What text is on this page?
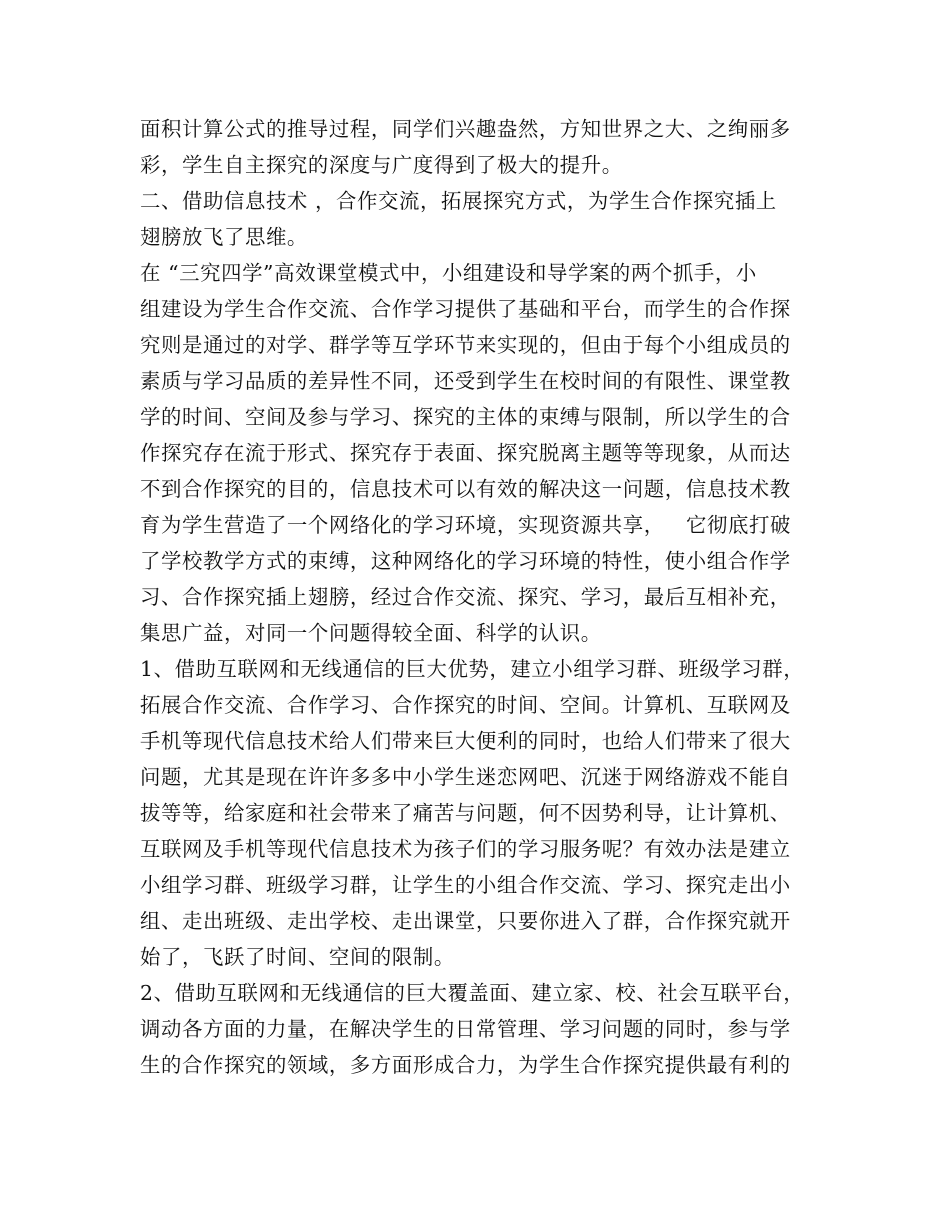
面积计算公式的推导过程，同学们兴趣盎然，方知世界之大、之绚丽多
彩，学生自主探究的深度与广度得到了极大的提升。
二、借助信息技术 ，合作交流，拓展探究方式，为学生合作探究插上
翅膀放飞了思维。
在 “三究四学”高效课堂模式中，小组建设和导学案的两个抓手，小
组建设为学生合作交流、合作学习提供了基础和平台，而学生的合作探
究则是通过的对学、群学等互学环节来实现的，但由于每个小组成员的
素质与学习品质的差异性不同，还受到学生在校时间的有限性、课堂教
学的时间、空间及参与学习、探究的主体的束缚与限制，所以学生的合
作探究存在流于形式、探究存于表面、探究脱离主题等等现象，从而达
不到合作探究的目的，信息技术可以有效的解决这一问题，信息技术教
育为学生营造了一个网络化的学习环境，实现资源共享，   它彻底打破
了学校教学方式的束缚，这种网络化的学习环境的特性，使小组合作学
习、合作探究插上翅膀，经过合作交流、探究、学习，最后互相补充，
集思广益，对同一个问题得较全面、科学的认识。
1、借助互联网和无线通信的巨大优势，建立小组学习群、班级学习群，
拓展合作交流、合作学习、合作探究的时间、空间。计算机、互联网及
手机等现代信息技术给人们带来巨大便利的同时，也给人们带来了很大
问题，尤其是现在许许多多中小学生迷恋网吧、沉迷于网络游戏不能自
拔等等，给家庭和社会带来了痛苦与问题，何不因势利导，让计算机、
互联网及手机等现代信息技术为孩子们的学习服务呢？有效办法是建立
小组学习群、班级学习群，让学生的小组合作交流、学习、探究走出小
组、走出班级、走出学校、走出课堂，只要你进入了群，合作探究就开
始了，飞跃了时间、空间的限制。
2、借助互联网和无线通信的巨大覆盖面、建立家、校、社会互联平台，
调动各方面的力量，在解决学生的日常管理、学习问题的同时，参与学
生的合作探究的领域，多方面形成合力，为学生合作探究提供最有利的
